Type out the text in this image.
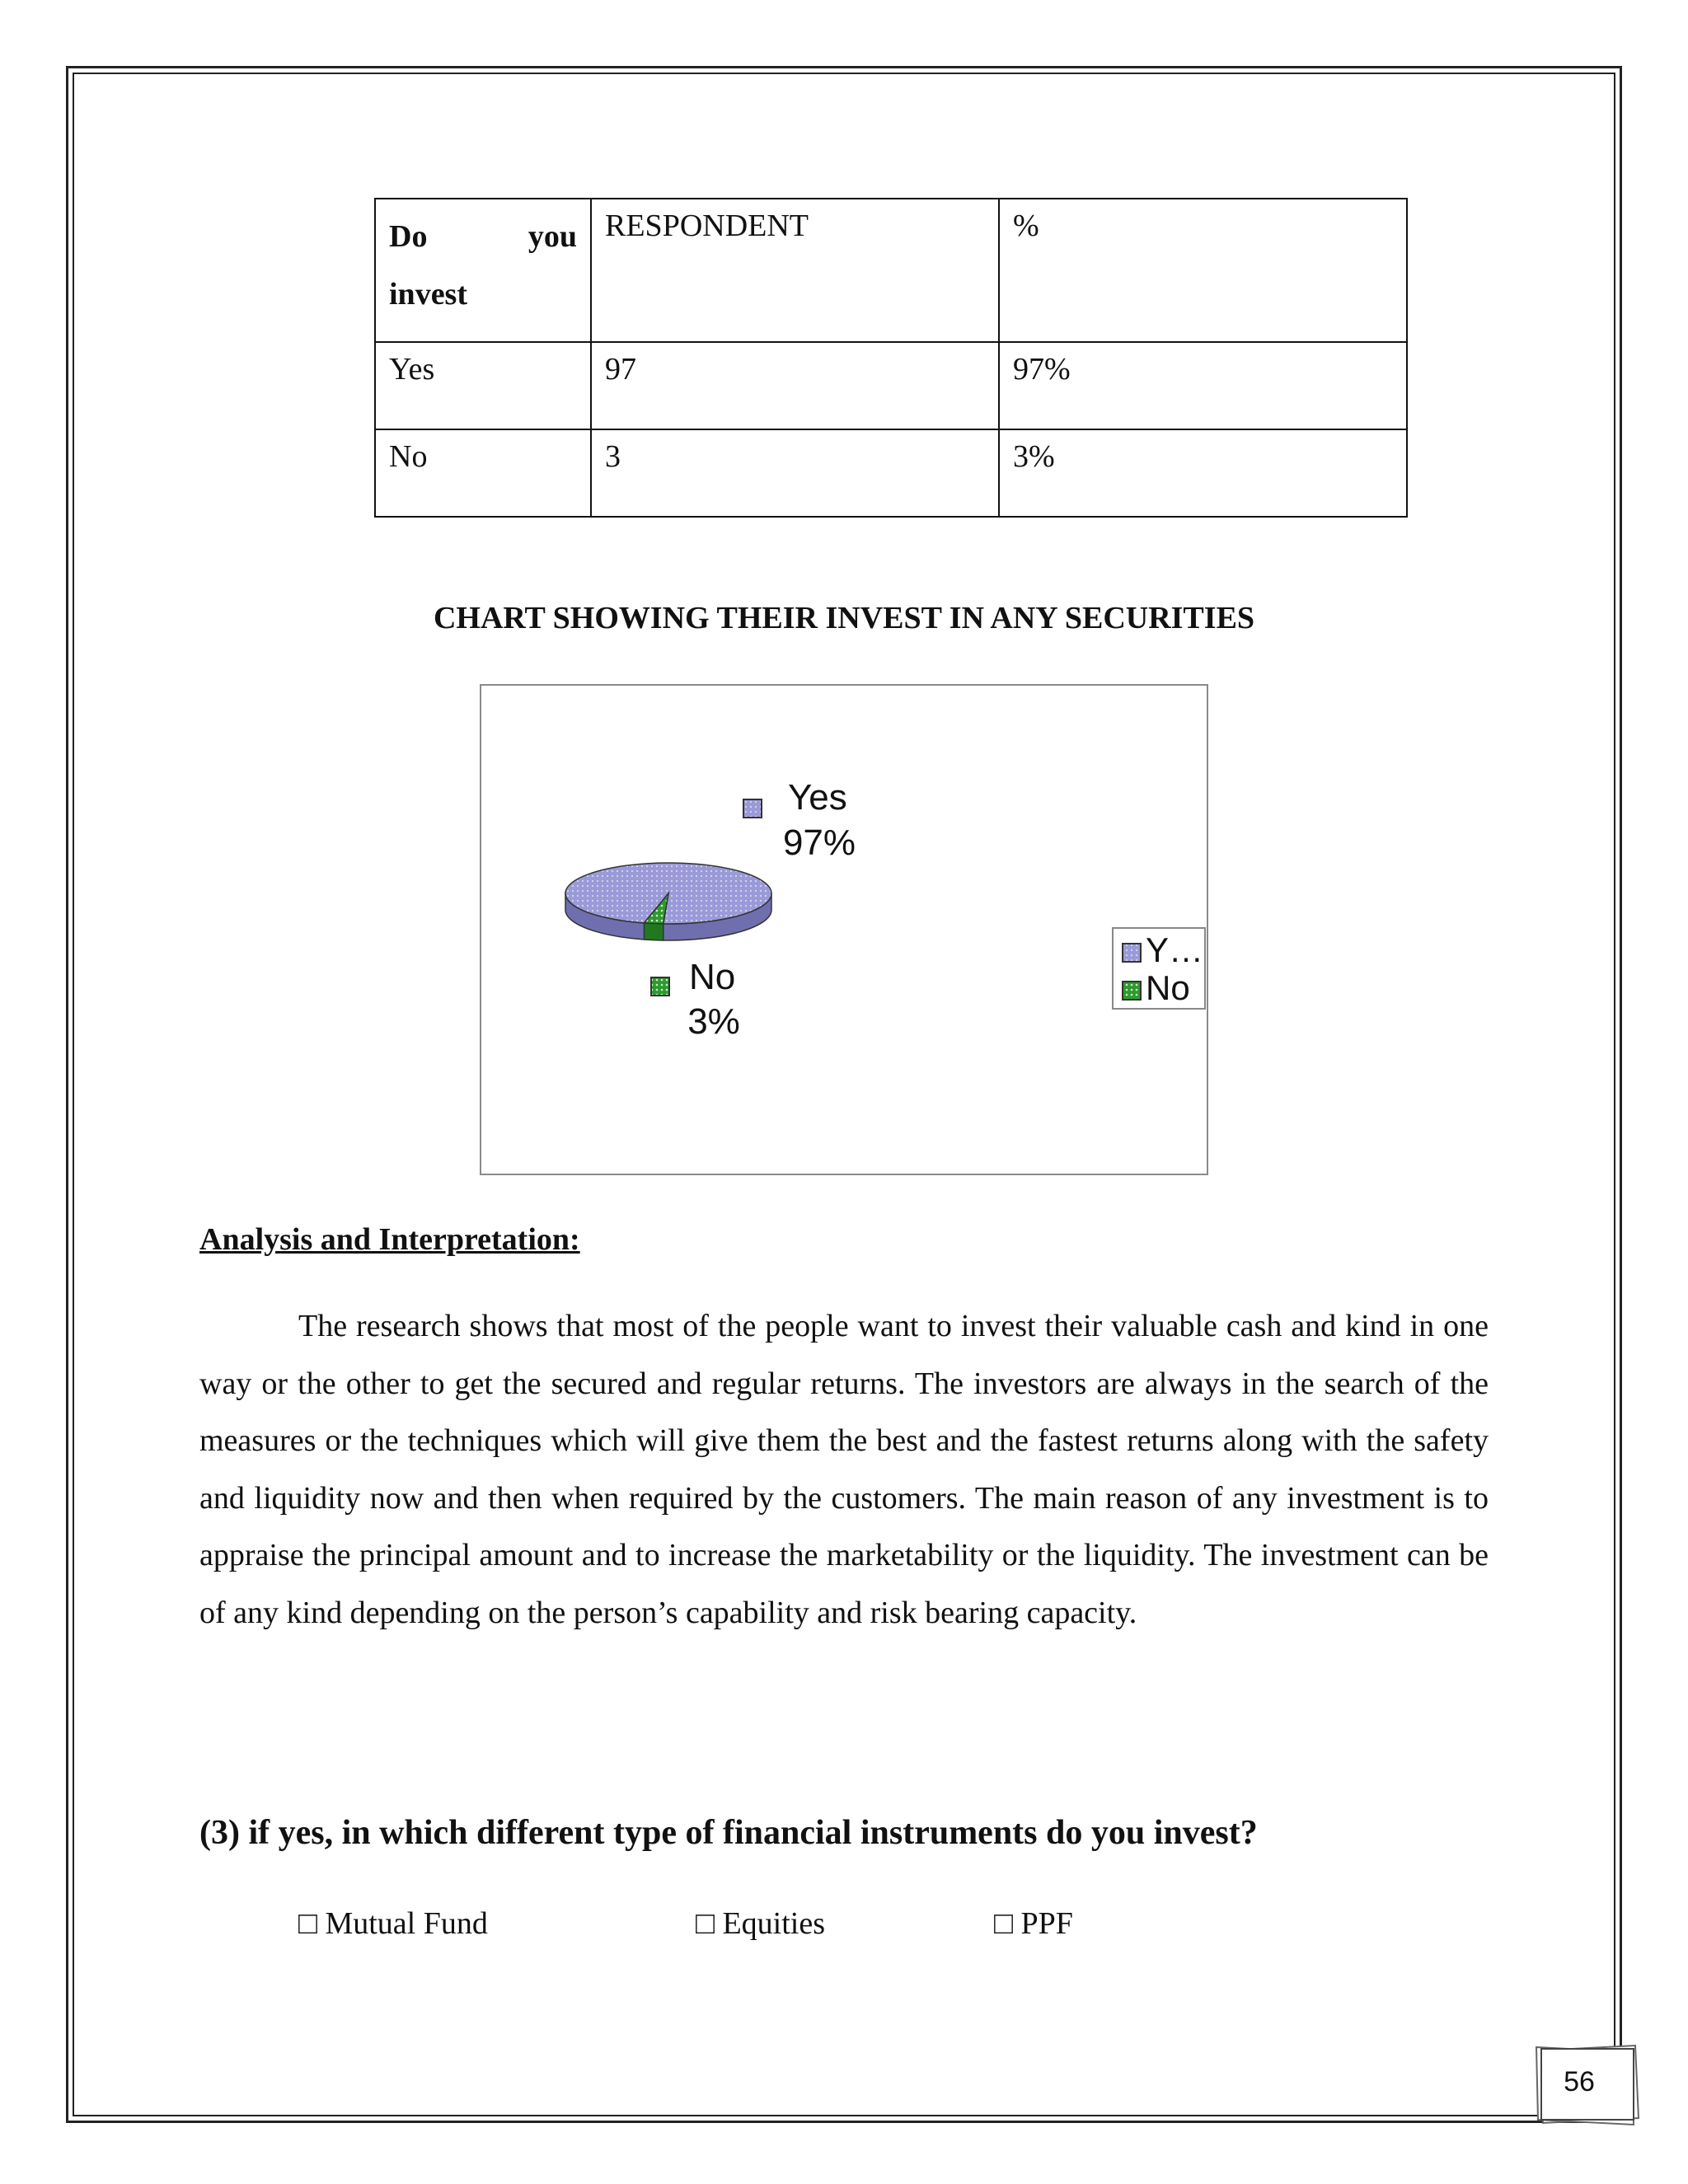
Do you
invest	RESPONDENT	%
Yes	97	97%
No	3	3%
CHART SHOWING THEIR INVEST IN ANY SECURITIES
Yes
97%
No
3%
Y…
No
Analysis and Interpretation:

The research shows that most of the people want to invest their valuable cash and kind in one way or the other to get the secured and regular returns. The investors are always in the search of the measures or the techniques which will give them the best and the fastest returns along with the safety and liquidity now and then when required by the customers. The main reason of any investment is to appraise the principal amount and to increase the marketability or the liquidity. The investment can be of any kind depending on the person’s capability and risk bearing capacity.

(3) if yes, in which different type of financial instruments do you invest?
□ Mutual Fund	□ Equities	□ PPF
56
